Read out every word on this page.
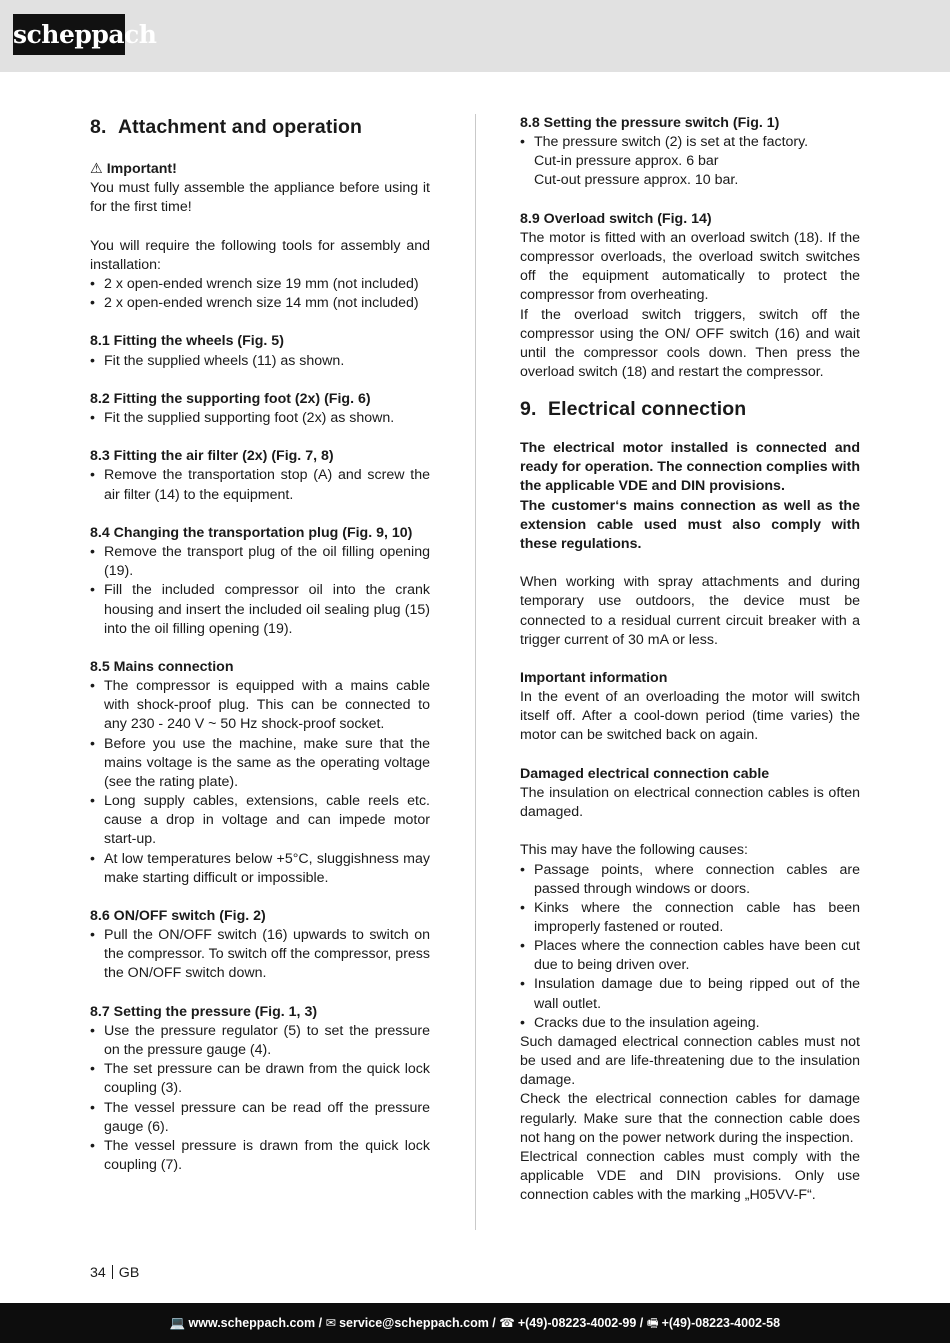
scheppach

8. Attachment and operation

⚠ Important!

You must fully assemble the appliance before using it for the first time!

You will require the following tools for assembly and installation:

• 2 x open-ended wrench size 19 mm (not included)
• 2 x open-ended wrench size 14 mm (not included)

8.1 Fitting the wheels (Fig. 5)

• Fit the supplied wheels (11) as shown.

8.2 Fitting the supporting foot (2x) (Fig. 6)

• Fit the supplied supporting foot (2x) as shown.

8.3 Fitting the air filter (2x) (Fig. 7, 8)

• Remove the transportation stop (A) and screw the air filter (14) to the equipment.

8.4 Changing the transportation plug (Fig. 9, 10)

• Remove the transport plug of the oil filling opening (19).
• Fill the included compressor oil into the crank housing and insert the included oil sealing plug (15) into the oil filling opening (19).

8.5 Mains connection

• The compressor is equipped with a mains cable with shock-proof plug. This can be connected to any 230 - 240 V ~ 50 Hz shock-proof socket.
• Before you use the machine, make sure that the mains voltage is the same as the operating voltage (see the rating plate).
• Long supply cables, extensions, cable reels etc. cause a drop in voltage and can impede motor start-up.
• At low temperatures below +5°C, sluggishness may make starting difficult or impossible.

8.6 ON/OFF switch (Fig. 2)

• Pull the ON/OFF switch (16) upwards to switch on the compressor. To switch off the compressor, press the ON/OFF switch down.

8.7 Setting the pressure (Fig. 1, 3)

• Use the pressure regulator (5) to set the pressure on the pressure gauge (4).
• The set pressure can be drawn from the quick lock coupling (3).
• The vessel pressure can be read off the pressure gauge (6).
• The vessel pressure is drawn from the quick lock coupling (7).

8.8 Setting the pressure switch (Fig. 1)

• The pressure switch (2) is set at the factory.

Cut-in pressure approx. 6 bar

Cut-out pressure approx. 10 bar.

8.9 Overload switch (Fig. 14)

The motor is fitted with an overload switch (18). If the compressor overloads, the overload switch switches off the equipment automatically to protect the compressor from overheating.

If the overload switch triggers, switch off the compressor using the ON/ OFF switch (16) and wait until the compressor cools down. Then press the overload switch (18) and restart the compressor.

9. Electrical connection

The electrical motor installed is connected and ready for operation. The connection complies with the applicable VDE and DIN provisions.

The customer‘s mains connection as well as the extension cable used must also comply with these regulations.

When working with spray attachments and during temporary use outdoors, the device must be connected to a residual current circuit breaker with a trigger current of 30 mA or less.

Important information

In the event of an overloading the motor will switch itself off. After a cool-down period (time varies) the motor can be switched back on again.

Damaged electrical connection cable

The insulation on electrical connection cables is often damaged.

This may have the following causes:

• Passage points, where connection cables are passed through windows or doors.
• Kinks where the connection cable has been improperly fastened or routed.
• Places where the connection cables have been cut due to being driven over.
• Insulation damage due to being ripped out of the wall outlet.
• Cracks due to the insulation ageing.

Such damaged electrical connection cables must not be used and are life-threatening due to the insulation damage.

Check the electrical connection cables for damage regularly. Make sure that the connection cable does not hang on the power network during the inspection.

Electrical connection cables must comply with the applicable VDE and DIN provisions. Only use connection cables with the marking „H05VV-F“.

34 GB
💻 www.scheppach.com / ✉ service@scheppach.com / ☎ +(49)-08223-4002-99 / 🖷 +(49)-08223-4002-58
